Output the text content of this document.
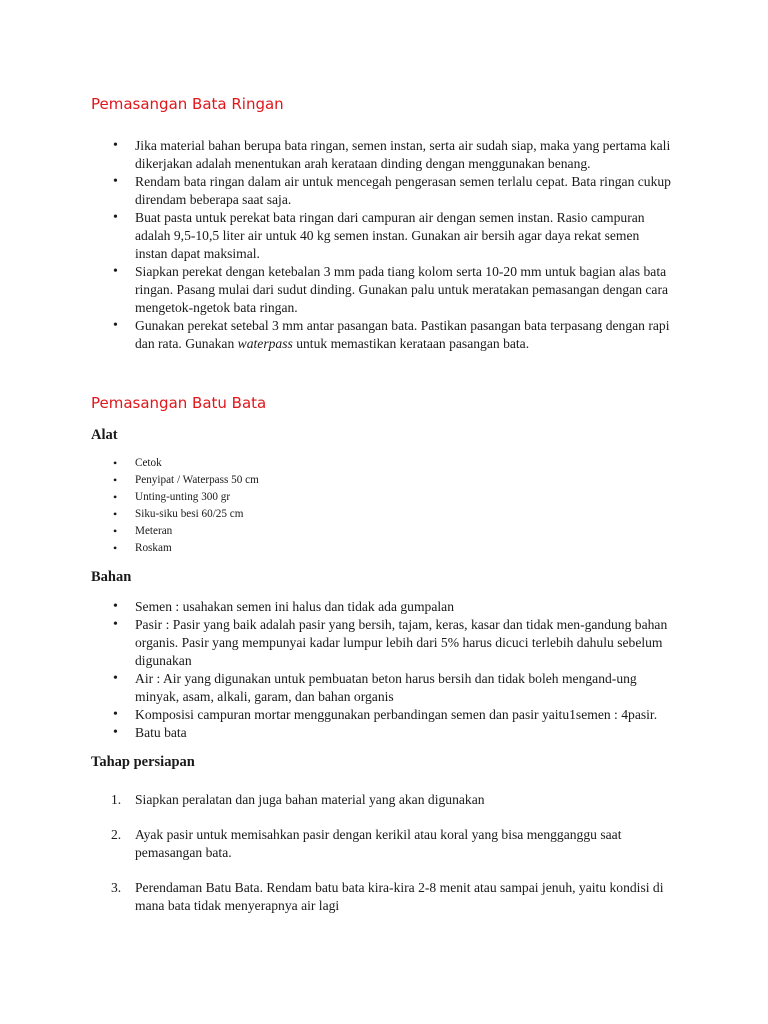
Pemasangan Bata Ringan
• Jika material bahan berupa bata ringan, semen instan, serta air sudah siap, maka yang pertama kali dikerjakan adalah menentukan arah kerataan dinding dengan menggunakan benang.
• Rendam bata ringan dalam air untuk mencegah pengerasan semen terlalu cepat. Bata ringan cukup direndam beberapa saat saja.
• Buat pasta untuk perekat bata ringan dari campuran air dengan semen instan. Rasio campuran adalah 9,5-10,5 liter air untuk 40 kg semen instan. Gunakan air bersih agar daya rekat semen instan dapat maksimal.
• Siapkan perekat dengan ketebalan 3 mm pada tiang kolom serta 10-20 mm untuk bagian alas bata ringan. Pasang mulai dari sudut dinding. Gunakan palu untuk meratakan pemasangan dengan cara mengetok-ngetok bata ringan.
• Gunakan perekat setebal 3 mm antar pasangan bata. Pastikan pasangan bata terpasang dengan rapi dan rata. Gunakan waterpass untuk memastikan kerataan pasangan bata.
Pemasangan Batu Bata
Alat
• Cetok
• Penyipat / Waterpass 50 cm
• Unting-unting 300 gr
• Siku-siku besi 60/25 cm
• Meteran
• Roskam
Bahan
• Semen : usahakan semen ini halus dan tidak ada gumpalan
• Pasir : Pasir yang baik adalah pasir yang bersih, tajam, keras, kasar dan tidak men-gandung bahan organis. Pasir yang mempunyai kadar lumpur lebih dari 5% harus dicuci terlebih dahulu sebelum digunakan
• Air : Air yang digunakan untuk pembuatan beton harus bersih dan tidak boleh mengand-ung minyak, asam, alkali, garam, dan bahan organis
• Komposisi campuran mortar menggunakan perbandingan semen dan pasir yaitu1semen : 4pasir.
• Batu bata
Tahap persiapan
1. Siapkan peralatan dan juga bahan material yang akan digunakan
2. Ayak pasir untuk memisahkan pasir dengan kerikil atau koral yang bisa mengganggu saat pemasangan bata.
3. Perendaman Batu Bata. Rendam batu bata kira-kira 2-8 menit atau sampai jenuh, yaitu kondisi di mana bata tidak menyerapnya air lagi
